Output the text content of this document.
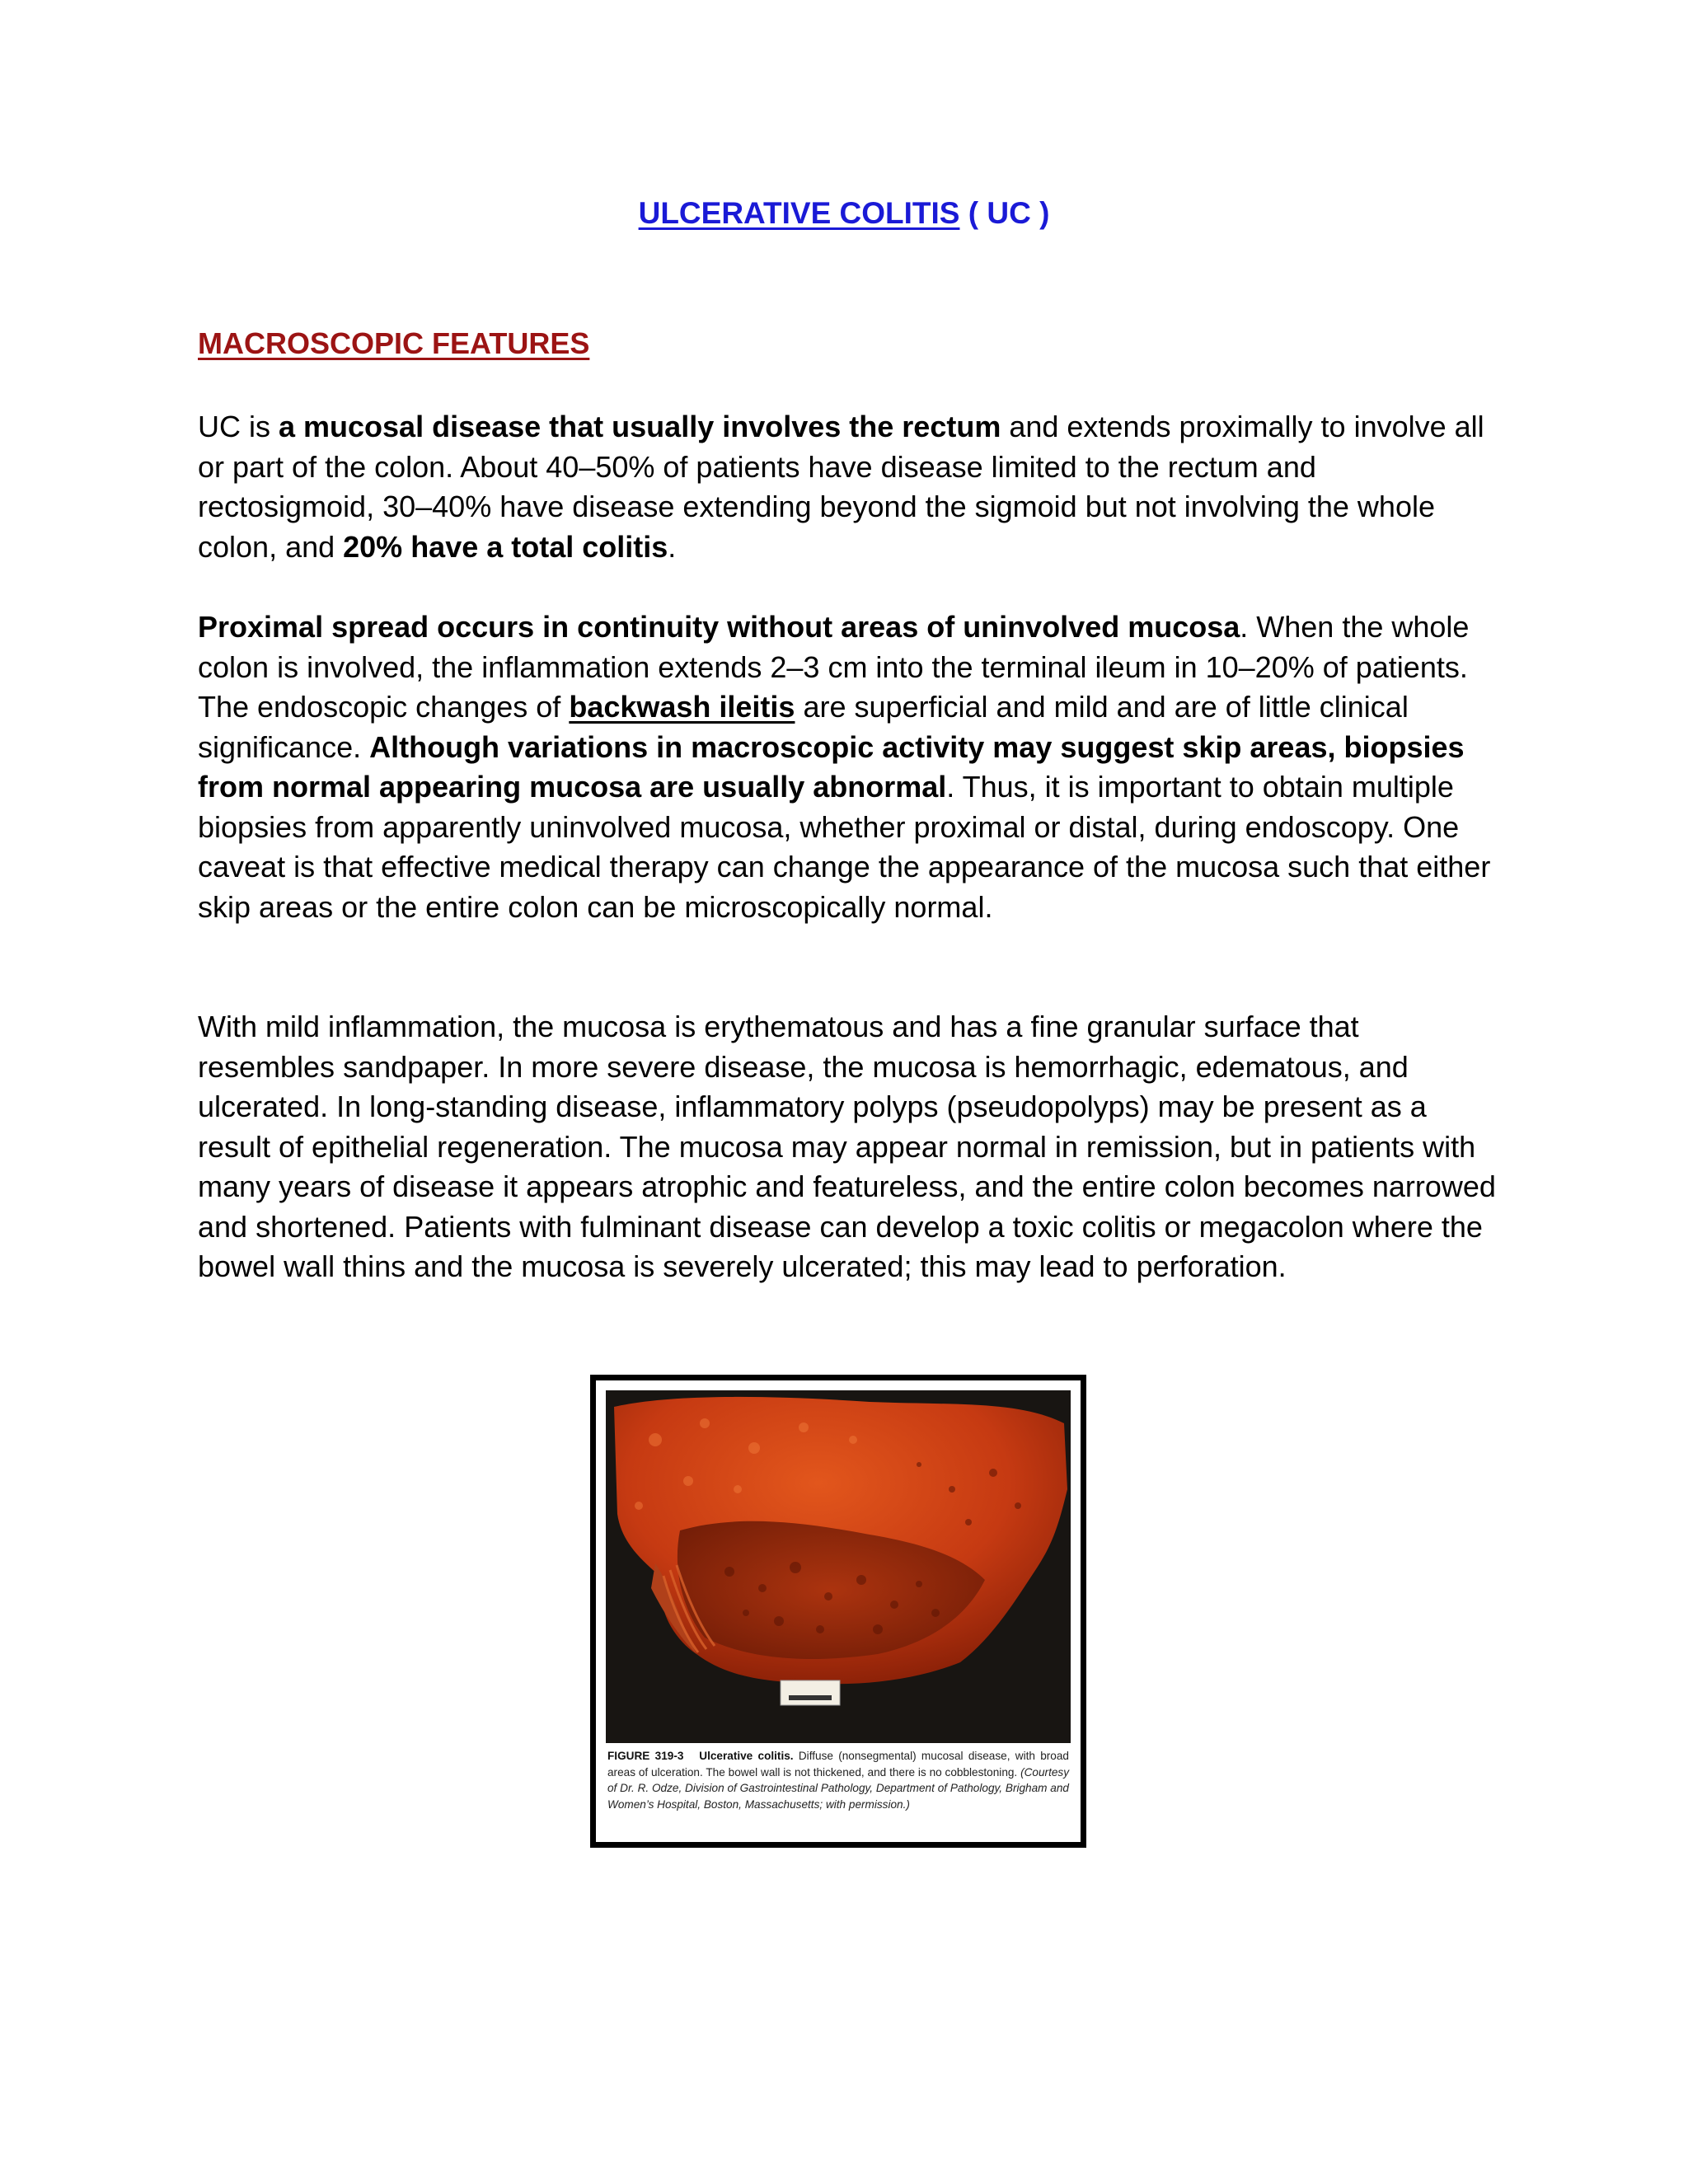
ULCERATIVE COLITIS ( UC )
MACROSCOPIC FEATURES

UC is a mucosal disease that usually involves the rectum and extends proximally to involve all or part of the colon. About 40–50% of patients have disease limited to the rectum and rectosigmoid, 30–40% have disease extending beyond the sigmoid but not involving the whole colon, and 20% have a total colitis.

Proximal spread occurs in continuity without areas of uninvolved mucosa. When the whole colon is involved, the inflammation extends 2–3 cm into the terminal ileum in 10–20% of patients. The endoscopic changes of backwash ileitis are superficial and mild and are of little clinical significance. Although variations in macroscopic activity may suggest skip areas, biopsies from normal appearing mucosa are usually abnormal. Thus, it is important to obtain multiple biopsies from apparently uninvolved mucosa, whether proximal or distal, during endoscopy. One caveat is that effective medical therapy can change the appearance of the mucosa such that either skip areas or the entire colon can be microscopically normal.

With mild inflammation, the mucosa is erythematous and has a fine granular surface that resembles sandpaper. In more severe disease, the mucosa is hemorrhagic, edematous, and ulcerated. In long-standing disease, inflammatory polyps (pseudopolyps) may be present as a result of epithelial regeneration. The mucosa may appear normal in remission, but in patients with many years of disease it appears atrophic and featureless, and the entire colon becomes narrowed and shortened. Patients with fulminant disease can develop a toxic colitis or megacolon where the bowel wall thins and the mucosa is severely ulcerated; this may lead to perforation.

FIGURE 319-3 Ulcerative colitis. Diffuse (nonsegmental) mucosal disease, with broad areas of ulceration. The bowel wall is not thickened, and there is no cobblestoning. (Courtesy of Dr. R. Odze, Division of Gastrointestinal Pathology, Department of Pathology, Brigham and Women’s Hospital, Boston, Massachusetts; with permission.)
